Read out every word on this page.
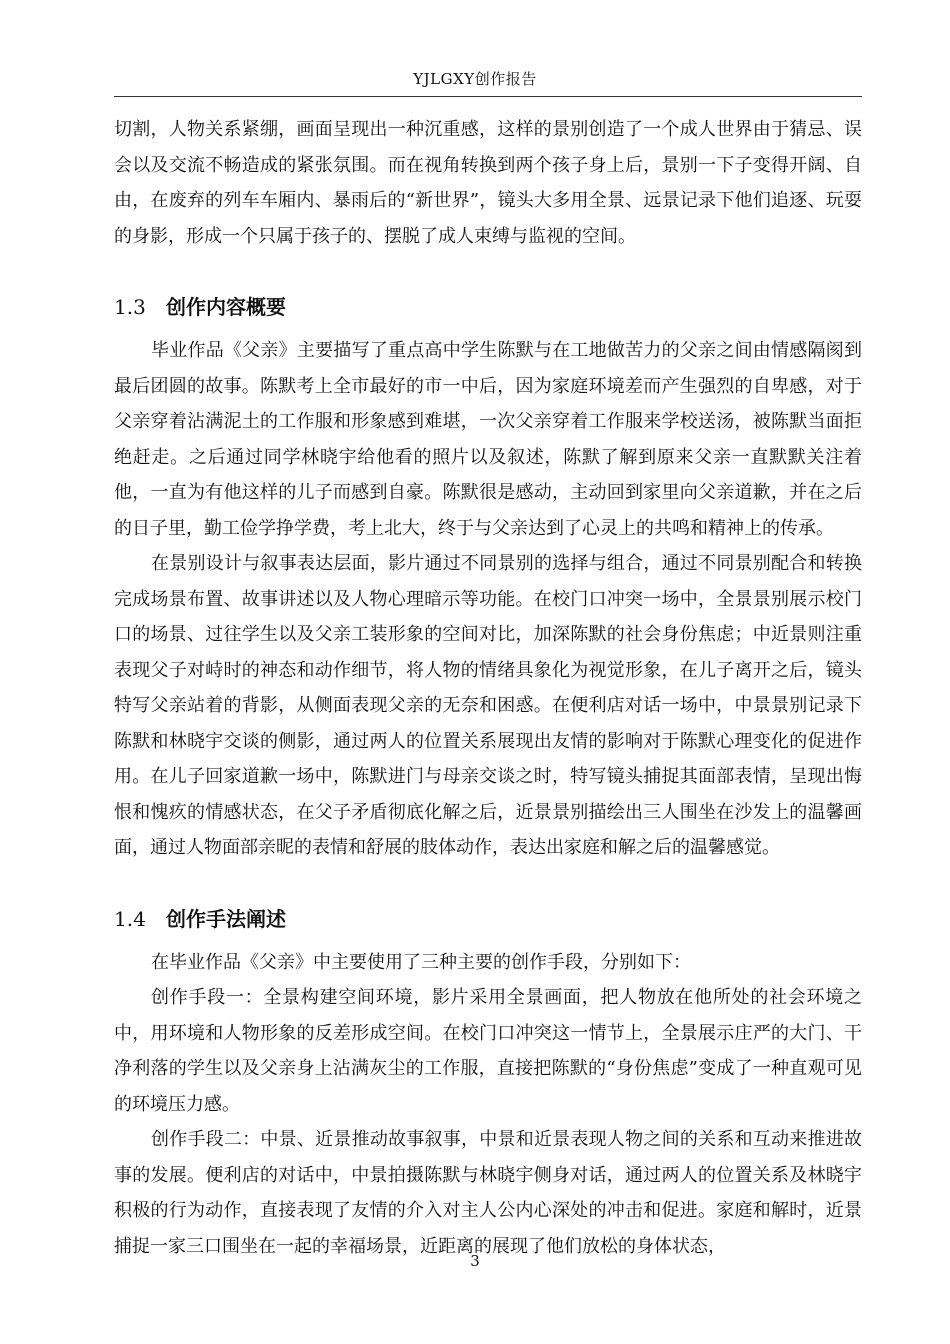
YJLGXY创作报告

切割，人物关系紧绷，画面呈现出一种沉重感，这样的景别创造了一个成人世界由于猜忌、误会以及交流不畅造成的紧张氛围。而在视角转换到两个孩子身上后，景别一下子变得开阔、自由，在废弃的列车车厢内、暴雨后的“新世界”，镜头大多用全景、远景记录下他们追逐、玩耍的身影，形成一个只属于孩子的、摆脱了成人束缚与监视的空间。

1.3 创作内容概要

毕业作品《父亲》主要描写了重点高中学生陈默与在工地做苦力的父亲之间由情感隔阂到最后团圆的故事。陈默考上全市最好的市一中后，因为家庭环境差而产生强烈的自卑感，对于父亲穿着沾满泥土的工作服和形象感到难堪，一次父亲穿着工作服来学校送汤，被陈默当面拒绝赶走。之后通过同学林晓宇给他看的照片以及叙述，陈默了解到原来父亲一直默默关注着他，一直为有他这样的儿子而感到自豪。陈默很是感动，主动回到家里向父亲道歉，并在之后的日子里，勤工俭学挣学费，考上北大，终于与父亲达到了心灵上的共鸣和精神上的传承。

在景别设计与叙事表达层面，影片通过不同景别的选择与组合，通过不同景别配合和转换完成场景布置、故事讲述以及人物心理暗示等功能。在校门口冲突一场中，全景景别展示校门口的场景、过往学生以及父亲工装形象的空间对比，加深陈默的社会身份焦虑；中近景则注重表现父子对峙时的神态和动作细节，将人物的情绪具象化为视觉形象，在儿子离开之后，镜头特写父亲站着的背影，从侧面表现父亲的无奈和困惑。在便利店对话一场中，中景景别记录下陈默和林晓宇交谈的侧影，通过两人的位置关系展现出友情的影响对于陈默心理变化的促进作用。在儿子回家道歉一场中，陈默进门与母亲交谈之时，特写镜头捕捉其面部表情，呈现出悔恨和愧疚的情感状态，在父子矛盾彻底化解之后，近景景别描绘出三人围坐在沙发上的温馨画面，通过人物面部亲昵的表情和舒展的肢体动作，表达出家庭和解之后的温馨感觉。

1.4 创作手法阐述

在毕业作品《父亲》中主要使用了三种主要的创作手段，分别如下：

创作手段一：全景构建空间环境，影片采用全景画面，把人物放在他所处的社会环境之中，用环境和人物形象的反差形成空间。在校门口冲突这一情节上，全景展示庄严的大门、干净利落的学生以及父亲身上沾满灰尘的工作服，直接把陈默的“身份焦虑”变成了一种直观可见的环境压力感。

创作手段二：中景、近景推动故事叙事，中景和近景表现人物之间的关系和互动来推进故事的发展。便利店的对话中，中景拍摄陈默与林晓宇侧身对话，通过两人的位置关系及林晓宇积极的行为动作，直接表现了友情的介入对主人公内心深处的冲击和促进。家庭和解时，近景捕捉一家三口围坐在一起的幸福场景，近距离的展现了他们放松的身体状态，

3
